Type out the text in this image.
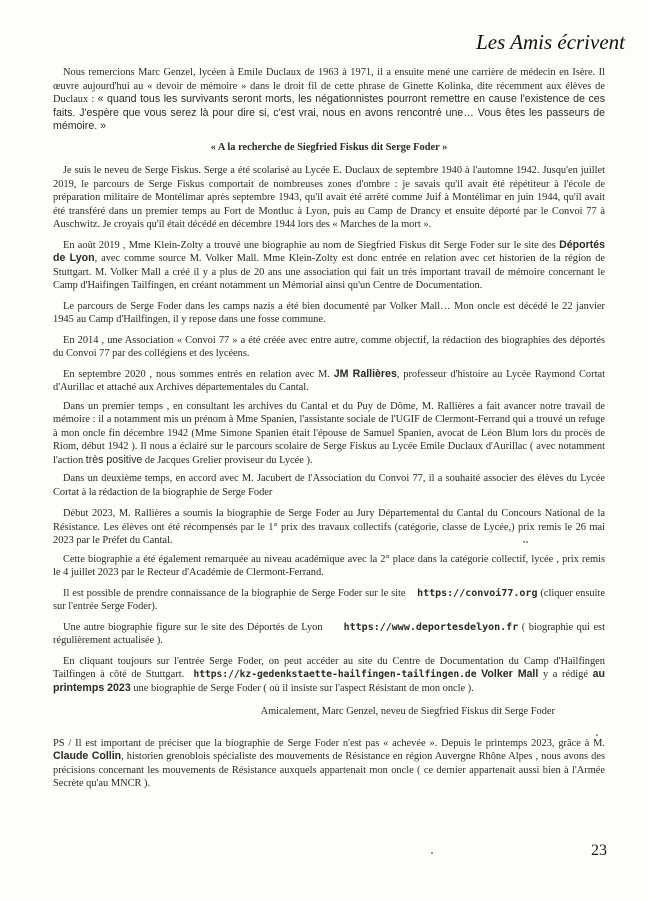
Les Amis écrivent

Nous remercions Marc Genzel, lycéen à Emile Duclaux de 1963 à 1971, il a ensuite mené une carrière de médecin en Isère. Il œuvre aujourd'hui au « devoir de mémoire » dans le droit fil de cette phrase de Ginette Kolinka, dite récemment aux élèves de Duclaux : « quand tous les survivants seront morts, les négationnistes pourront remettre en cause l'existence de ces faits. J'espère que vous serez là pour dire si, c'est vrai, nous en avons rencontré une… Vous êtes les passeurs de mémoire. »

« A la recherche de Siegfried Fiskus dit Serge Foder »

Je suis le neveu de Serge Fiskus. Serge a été scolarisé au Lycée E. Duclaux de septembre 1940 à l'automne 1942. Jusqu'en juillet 2019, le parcours de Serge Fiskus comportait de nombreuses zones d'ombre : je savais qu'il avait été répétiteur à l'école de préparation militaire de Montélimar après septembre 1943, qu'il avait été arrêté comme Juif à Montélimar en juin 1944, qu'il avait été transféré dans un premier temps au Fort de Montluc à Lyon, puis au Camp de Drancy et ensuite déporté par le Convoi 77 à Auschwitz. Je croyais qu'il était décédé en décembre 1944 lors des « Marches de la mort ».

En août 2019 , Mme Klein-Zolty a trouvé une biographie au nom de Siegfried Fiskus dit Serge Foder sur le site des Déportés de Lyon, avec comme source M. Volker Mall. Mme Klein-Zolty est donc entrée en relation avec cet historien de la région de Stuttgart. M. Volker Mall a créé il y a plus de 20 ans une association qui fait un très important travail de mémoire concernant le Camp d'Haifingen Tailfingen, en créant notamment un Mémorial ainsi qu'un Centre de Documentation.

Le parcours de Serge Foder dans les camps nazis a été bien documenté par Volker Mall… Mon oncle est décédé le 22 janvier 1945 au Camp d'Hailfingen, il y repose dans une fosse commune.

En 2014 , une Association « Convoi 77 » a été créée avec entre autre, comme objectif, la rédaction des biographies des déportés du Convoi 77 par des collégiens et des lycéens.

En septembre 2020 , nous sommes entrés en relation avec M. JM Rallières, professeur d'histoire au Lycée Raymond Cortat d'Aurillac et attaché aux Archives départementales du Cantal.

Dans un premier temps , en consultant les archives du Cantal et du Puy de Dôme, M. Rallières a fait avancer notre travail de mémoire : il a notamment mis un prénom à Mme Spanien, l'assistante sociale de l'UGIF de Clermont-Ferrand qui a trouvé un refuge à mon oncle fin décembre 1942 (Mme Simone Spanien était l'épouse de Samuel Spanien, avocat de Léon Blum lors du procès de Riom, début 1942 ). Il nous a éclairé sur le parcours scolaire de Serge Fiskus au Lycée Emile Duclaux d'Aurillac ( avec notamment l'action très positive de Jacques Grelier proviseur du Lycée ).

Dans un deuxième temps, en accord avec M. Jacubert de l'Association du Convoi 77, il a souhaité associer des élèves du Lycée Cortat à la rédaction de la biographie de Serge Foder

Début 2023, M. Rallières a soumis la biographie de Serge Foder au Jury Départemental du Cantal du Concours National de la Résistance. Les élèves ont été récompensés par le 1° prix des travaux collectifs (catégorie, classe de Lycée,) prix remis le 26 mai 2023 par le Préfet du Cantal.

Cette biographie a été également remarquée au niveau académique avec la 2° place dans la catégorie collectif, lycée , prix remis le 4 juillet 2023 par le Recteur d'Académie de Clermont-Ferrand.

Il est possible de prendre connaissance de la biographie de Serge Foder sur le site https://convoi77.org (cliquer ensuite sur l'entrée Serge Foder).

Une autre biographie figure sur le site des Déportés de Lyon https://www.deportesdelyon.fr ( biographie qui est régulièrement actualisée ).

En cliquant toujours sur l'entrée Serge Foder, on peut accéder au site du Centre de Documentation du Camp d'Hailfingen Tailfingen à côté de Stuttgart. https://kz-gedenkstaette-hailfingen-tailfingen.de Volker Mall y a rédigé au printemps 2023 une biographie de Serge Foder ( où il insiste sur l'aspect Résistant de mon oncle ).

Amicalement, Marc Genzel, neveu de Siegfried Fiskus dit Serge Foder

PS / Il est important de préciser que la biographie de Serge Foder n'est pas « achevée ». Depuis le printemps 2023, grâce à M. Claude Collin, historien grenoblois spécialiste des mouvements de Résistance en région Auvergne Rhône Alpes , nous avons des précisions concernant les mouvements de Résistance auxquels appartenait mon oncle ( ce dernier appartenait aussi bien à l'Armée Secrète qu'au MNCR ).

23
